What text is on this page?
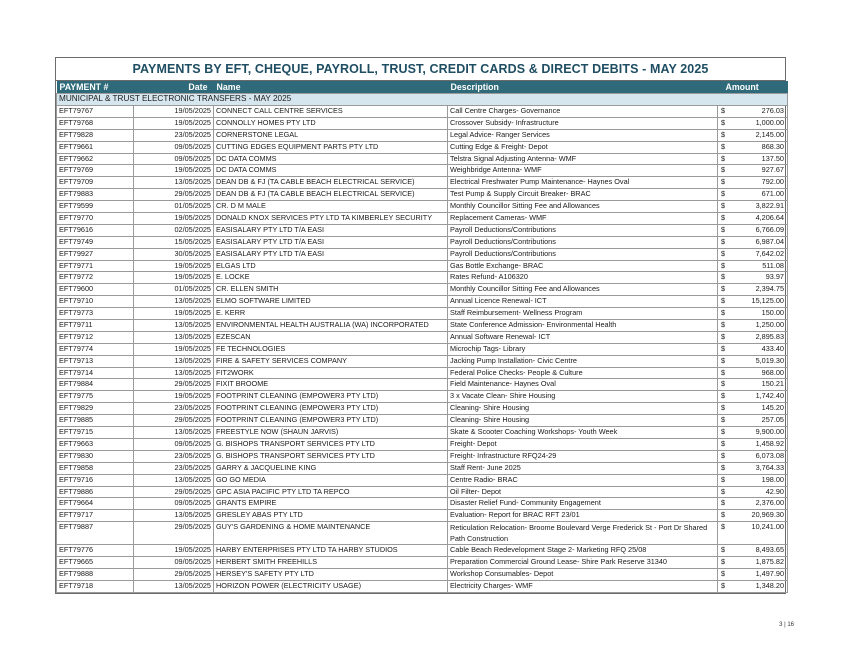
PAYMENTS BY EFT, CHEQUE, PAYROLL, TRUST, CREDIT CARDS & DIRECT DEBITS - MAY 2025
PAYMENT #	Date	Name	Description	Amount
MUNICIPAL & TRUST ELECTRONIC TRANSFERS - MAY 2025				
EFT79767	19/05/2025	CONNECT CALL CENTRE SERVICES	Call Centre Charges- Governance	$ 276.03

EFT79768	19/05/2025	CONNOLLY HOMES PTY LTD	Crossover Subsidy- Infrastructure	$ 1,000.00

EFT79828	23/05/2025	CORNERSTONE LEGAL	Legal Advice- Ranger Services	$ 2,145.00

EFT79661	09/05/2025	CUTTING EDGES EQUIPMENT PARTS PTY LTD	Cutting Edge & Freight- Depot	$ 868.30

EFT79662	09/05/2025	DC DATA COMMS	Telstra Signal Adjusting Antenna- WMF	$ 137.50

EFT79769	19/05/2025	DC DATA COMMS	Weighbridge Antenna- WMF	$ 927.67

EFT79709	13/05/2025	DEAN DB & FJ (TA CABLE BEACH ELECTRICAL SERVICE)	Electrical Freshwater Pump Maintenance- Haynes Oval	$ 792.00

EFT79883	29/05/2025	DEAN DB & FJ (TA CABLE BEACH ELECTRICAL SERVICE)	Test Pump & Supply Circuit Breaker- BRAC	$ 671.00

EFT79599	01/05/2025	CR. D M MALE	Monthly Councillor Sitting Fee and Allowances	$ 3,822.91

EFT79770	19/05/2025	DONALD KNOX SERVICES PTY LTD TA KIMBERLEY SECURITY	Replacement Cameras- WMF	$ 4,206.64

EFT79616	02/05/2025	EASISALARY PTY LTD T/A EASI	Payroll Deductions/Contributions	$ 6,766.09

EFT79749	15/05/2025	EASISALARY PTY LTD T/A EASI	Payroll Deductions/Contributions	$ 6,987.04

EFT79927	30/05/2025	EASISALARY PTY LTD T/A EASI	Payroll Deductions/Contributions	$ 7,642.02

EFT79771	19/05/2025	ELGAS LTD	Gas Bottle Exchange- BRAC	$ 511.08

EFT79772	19/05/2025	E. LOCKE	Rates Refund- A106320	$ 93.97

EFT79600	01/05/2025	CR. ELLEN SMITH	Monthly Councillor Sitting Fee and Allowances	$ 2,394.75

EFT79710	13/05/2025	ELMO SOFTWARE LIMITED	Annual Licence Renewal- ICT	$ 15,125.00

EFT79773	19/05/2025	E. KERR	Staff Reimbursement- Wellness Program	$ 150.00

EFT79711	13/05/2025	ENVIRONMENTAL HEALTH AUSTRALIA (WA) INCORPORATED	State Conference Admission- Environmental Health	$ 1,250.00

EFT79712	13/05/2025	EZESCAN	Annual Software Renewal- ICT	$ 2,895.83

EFT79774	19/05/2025	FE TECHNOLOGIES	Microchip Tags- Library	$ 433.40

EFT79713	13/05/2025	FIRE & SAFETY SERVICES COMPANY	Jacking Pump Installation- Civic Centre	$ 5,019.30

EFT79714	13/05/2025	FIT2WORK	Federal Police Checks- People & Culture	$ 968.00

EFT79884	29/05/2025	FIXIT BROOME	Field Maintenance- Haynes Oval	$ 150.21

EFT79775	19/05/2025	FOOTPRINT CLEANING (EMPOWER3 PTY LTD)	3 x Vacate Clean- Shire Housing	$ 1,742.40

EFT79829	23/05/2025	FOOTPRINT CLEANING (EMPOWER3 PTY LTD)	Cleaning- Shire Housing	$ 145.20

EFT79885	29/05/2025	FOOTPRINT CLEANING (EMPOWER3 PTY LTD)	Cleaning- Shire Housing	$ 257.05

EFT79715	13/05/2025	FREESTYLE NOW (SHAUN JARVIS)	Skate & Scooter Coaching Workshops- Youth Week	$ 9,900.00

EFT79663	09/05/2025	G. BISHOPS TRANSPORT SERVICES PTY LTD	Freight- Depot	$ 1,458.92

EFT79830	23/05/2025	G. BISHOPS TRANSPORT SERVICES PTY LTD	Freight- Infrastructure RFQ24-29	$ 6,073.08

EFT79858	23/05/2025	GARRY & JACQUELINE KING	Staff Rent- June 2025	$ 3,764.33

EFT79716	13/05/2025	GO GO MEDIA	Centre Radio- BRAC	$ 198.00

EFT79886	29/05/2025	GPC ASIA PACIFIC PTY LTD TA REPCO	Oil Filter- Depot	$ 42.90

EFT79664	09/05/2025	GRANTS EMPIRE	Disaster Relief Fund- Community Engagement	$ 2,376.00

EFT79717	13/05/2025	GRESLEY ABAS PTY LTD	Evaluation- Report for BRAC RFT 23/01	$ 20,969.30

EFT79887	29/05/2025	GUY'S GARDENING & HOME MAINTENANCE	Reticulation Relocation- Broome Boulevard Verge Frederick St - Port Dr Shared Path Construction	$ 10,241.00

EFT79776	19/05/2025	HARBY ENTERPRISES PTY LTD TA HARBY STUDIOS	Cable Beach Redevelopment Stage 2- Marketing RFQ 25/08	$ 8,493.65

EFT79665	09/05/2025	HERBERT SMITH FREEHILLS	Preparation Commercial Ground Lease- Shire Park Reserve 31340	$ 1,875.82

EFT79888	29/05/2025	HERSEY'S SAFETY PTY LTD	Workshop Consumables- Depot	$ 1,497.90

EFT79718	13/05/2025	HORIZON POWER (ELECTRICITY USAGE)	Electricity Charges- WMF	$ 1,348.20
3 | 16
